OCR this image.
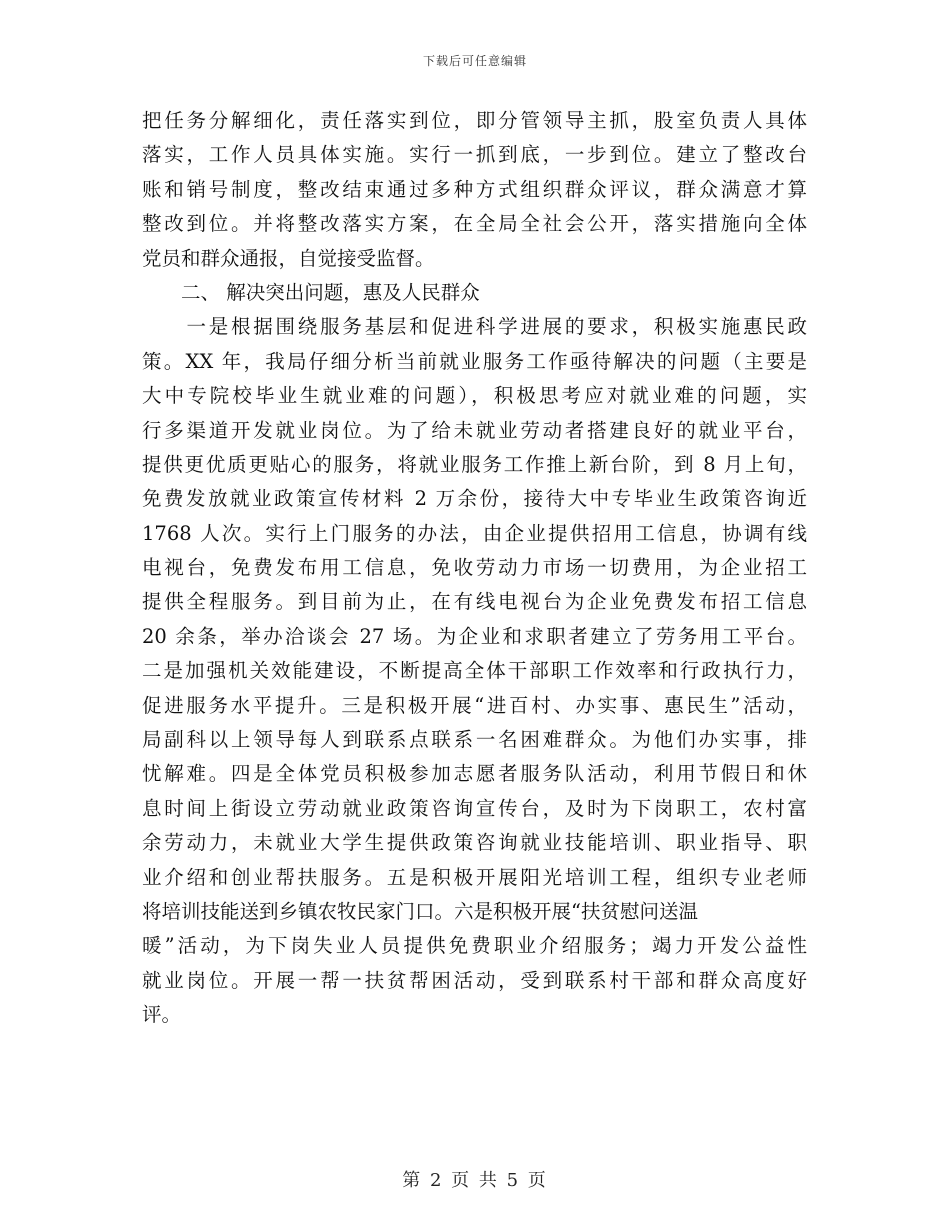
下载后可任意编辑
把任务分解细化，责任落实到位，即分管领导主抓，股室负责人具体
落实，工作人员具体实施。实行一抓到底，一步到位。建立了整改台
账和销号制度，整改结束通过多种方式组织群众评议，群众满意才算
整改到位。并将整改落实方案，在全局全社会公开，落实措施向全体
党员和群众通报，自觉接受监督。
　　二、 解决突出问题，惠及人民群众
　　一是根据围绕服务基层和促进科学进展的要求，积极实施惠民政
策。XX 年，我局仔细分析当前就业服务工作亟待解决的问题（主要是
大中专院校毕业生就业难的问题），积极思考应对就业难的问题，实
行多渠道开发就业岗位。为了给未就业劳动者搭建良好的就业平台，
提供更优质更贴心的服务，将就业服务工作推上新台阶，到 8 月上旬，
免费发放就业政策宣传材料 2 万余份，接待大中专毕业生政策咨询近
1768 人次。实行上门服务的办法，由企业提供招用工信息，协调有线
电视台，免费发布用工信息，免收劳动力市场一切费用，为企业招工
提供全程服务。到目前为止，在有线电视台为企业免费发布招工信息
20 余条，举办洽谈会 27 场。为企业和求职者建立了劳务用工平台。
二是加强机关效能建设，不断提高全体干部职工作效率和行政执行力，
促进服务水平提升。三是积极开展“进百村、办实事、惠民生”活动，
局副科以上领导每人到联系点联系一名困难群众。为他们办实事，排
忧解难。四是全体党员积极参加志愿者服务队活动，利用节假日和休
息时间上街设立劳动就业政策咨询宣传台，及时为下岗职工，农村富
余劳动力，未就业大学生提供政策咨询就业技能培训、职业指导、职
业介绍和创业帮扶服务。五是积极开展阳光培训工程，组织专业老师
将培训技能送到乡镇农牧民家门口。六是积极开展“扶贫慰问送温
暖”活动，为下岗失业人员提供免费职业介绍服务；竭力开发公益性
就业岗位。开展一帮一扶贫帮困活动，受到联系村干部和群众高度好
评。
第 2 页 共 5 页
